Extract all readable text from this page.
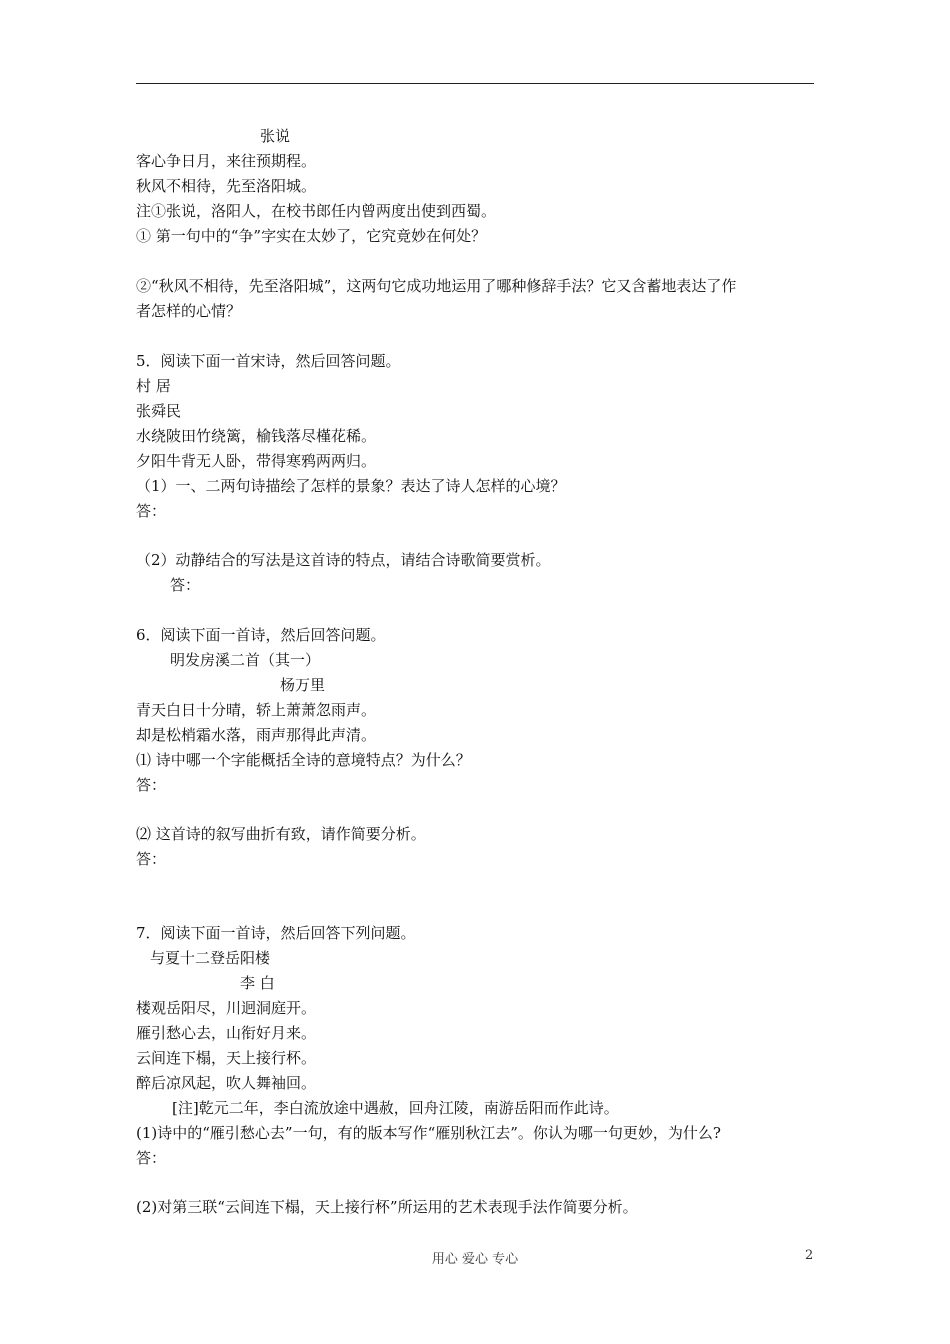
张说
客心争日月，来往预期程。
秋风不相待，先至洛阳城。
注①张说，洛阳人，在校书郎任内曾两度出使到西蜀。
① 第一句中的“争”字实在太妙了，它究竟妙在何处？
②“秋风不相待，先至洛阳城”，这两句它成功地运用了哪种修辞手法？它又含蓄地表达了作
者怎样的心情？
5．阅读下面一首宋诗，然后回答问题。
村 居
张舜民
水绕陂田竹绕篱，榆钱落尽槿花稀。
夕阳牛背无人卧，带得寒鸦两两归。
（1）一、二两句诗描绘了怎样的景象？表达了诗人怎样的心境？
答：
（2）动静结合的写法是这首诗的特点，请结合诗歌简要赏析。
答：
6．阅读下面一首诗，然后回答问题。
明发房溪二首（其一）
杨万里
青天白日十分晴，轿上萧萧忽雨声。
却是松梢霜水落，雨声那得此声清。
⑴ 诗中哪一个字能概括全诗的意境特点？为什么？
答：
⑵ 这首诗的叙写曲折有致，请作简要分析。
答：
7．阅读下面一首诗，然后回答下列问题。
与夏十二登岳阳楼
李 白
楼观岳阳尽，川迥洞庭开。
雁引愁心去，山衔好月来。
云间连下榻，天上接行杯。
醉后凉风起，吹人舞袖回。
[注]乾元二年，李白流放途中遇赦，回舟江陵，南游岳阳而作此诗。
(1)诗中的“雁引愁心去”一句，有的版本写作“雁别秋江去”。你认为哪一句更妙，为什么?
答：
(2)对第三联“云间连下榻，天上接行杯”所运用的艺术表现手法作简要分析。
用心 爱心 专心	2
